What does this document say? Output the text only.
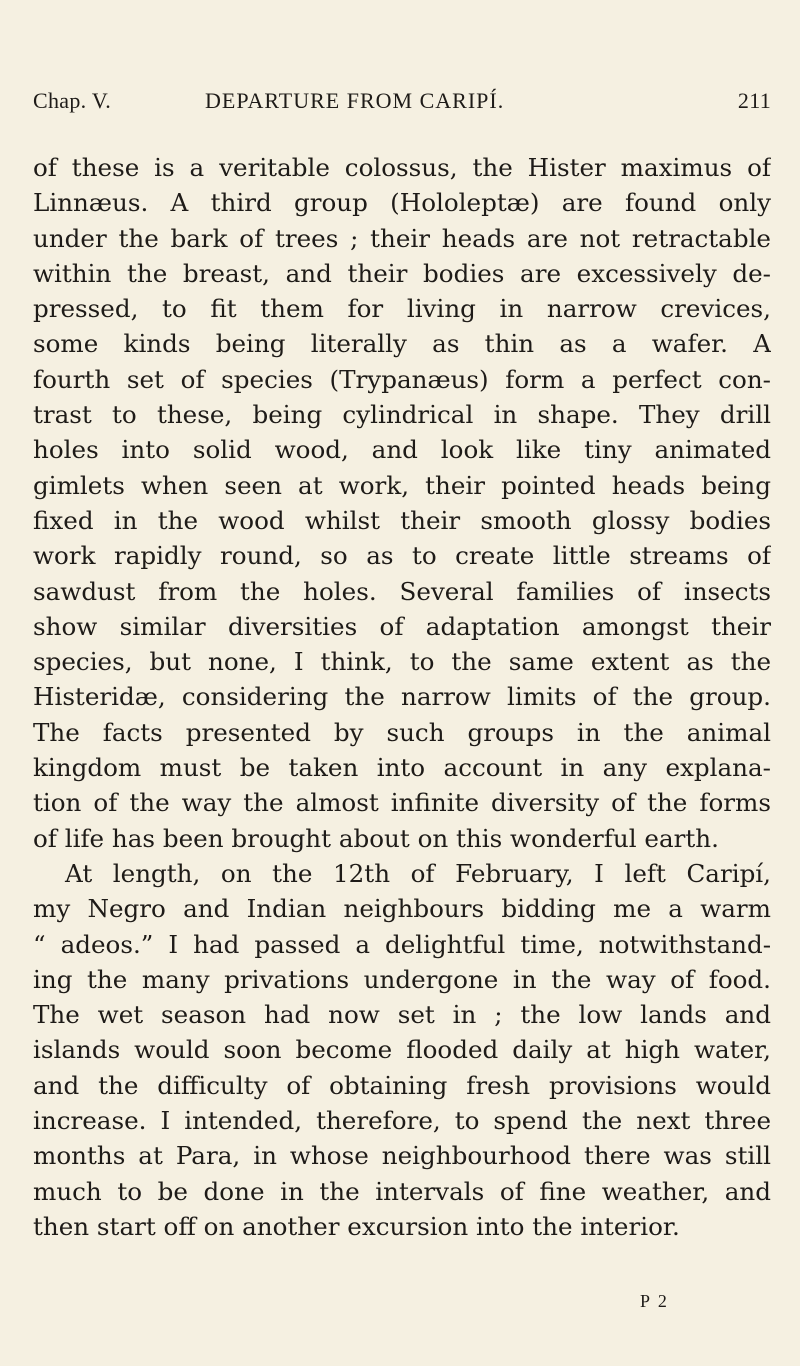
Chap. V.	DEPARTURE FROM CARIPÍ.	211
of these is a veritable colossus, the Hister maximus of
Linnæus. A third group (Hololeptæ) are found only
under the bark of trees ; their heads are not retractable
within the breast, and their bodies are excessively de-
pressed, to fit them for living in narrow crevices,
some kinds being literally as thin as a wafer. A
fourth set of species (Trypanæus) form a perfect con-
trast to these, being cylindrical in shape. They drill
holes into solid wood, and look like tiny animated
gimlets when seen at work, their pointed heads being
fixed in the wood whilst their smooth glossy bodies
work rapidly round, so as to create little streams of
sawdust from the holes. Several families of insects
show similar diversities of adaptation amongst their
species, but none, I think, to the same extent as the
Histeridæ, considering the narrow limits of the group.
The facts presented by such groups in the animal
kingdom must be taken into account in any explana-
tion of the way the almost infinite diversity of the forms
of life has been brought about on this wonderful earth.
At length, on the 12th of February, I left Caripí,
my Negro and Indian neighbours bidding me a warm
“ adeos.” I had passed a delightful time, notwithstand-
ing the many privations undergone in the way of food.
The wet season had now set in ; the low lands and
islands would soon become flooded daily at high water,
and the difficulty of obtaining fresh provisions would
increase. I intended, therefore, to spend the next three
months at Para, in whose neighbourhood there was still
much to be done in the intervals of fine weather, and
then start off on another excursion into the interior.
P 2
